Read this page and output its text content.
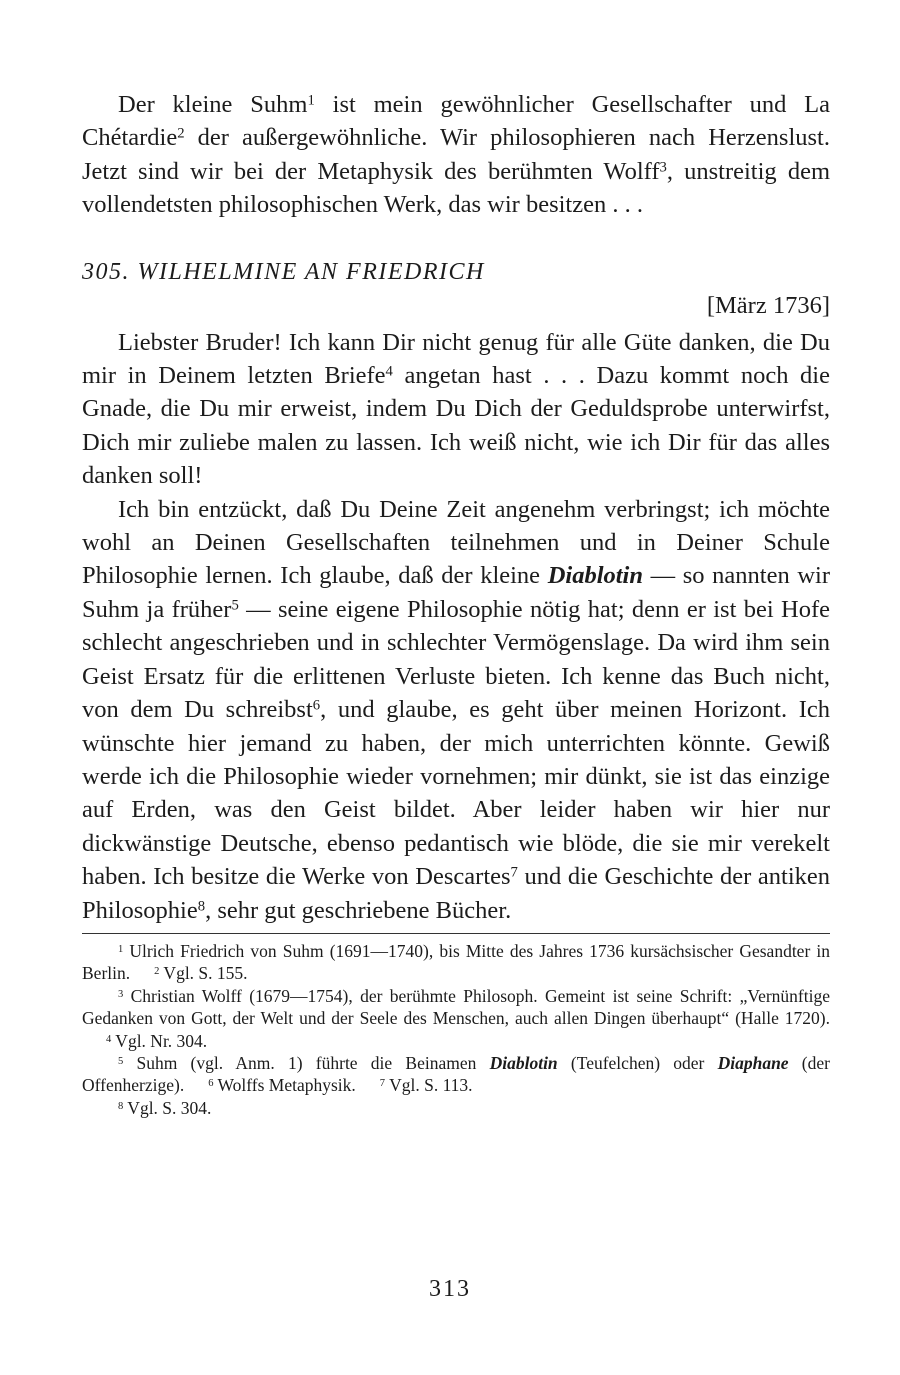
Der kleine Suhm$^1$ ist mein gewöhnlicher Gesellschafter und La Chétardie$^2$ der außergewöhnliche. Wir philosophieren nach Herzenslust. Jetzt sind wir bei der Metaphysik des berühmten Wolff$^3$, unstreitig dem vollendetsten philosophischen Werk, das wir besitzen . . .

305. WILHELMINE AN FRIEDRICH

[März 1736]

Liebster Bruder! Ich kann Dir nicht genug für alle Güte danken, die Du mir in Deinem letzten Briefe$^4$ angetan hast . . . Dazu kommt noch die Gnade, die Du mir erweist, indem Du Dich der Geduldsprobe unterwirfst, Dich mir zuliebe malen zu lassen. Ich weiß nicht, wie ich Dir für das alles danken soll!

Ich bin entzückt, daß Du Deine Zeit angenehm verbringst; ich möchte wohl an Deinen Gesellschaften teilnehmen und in Deiner Schule Philosophie lernen. Ich glaube, daß der kleine Diablotin — so nannten wir Suhm ja früher$^5$ — seine eigene Philosophie nötig hat; denn er ist bei Hofe schlecht angeschrieben und in schlechter Vermögenslage. Da wird ihm sein Geist Ersatz für die erlittenen Verluste bieten. Ich kenne das Buch nicht, von dem Du schreibst$^6$, und glaube, es geht über meinen Horizont. Ich wünschte hier jemand zu haben, der mich unterrichten könnte. Gewiß werde ich die Philosophie wieder vornehmen; mir dünkt, sie ist das einzige auf Erden, was den Geist bildet. Aber leider haben wir hier nur dickwänstige Deutsche, ebenso pedantisch wie blöde, die sie mir verekelt haben. Ich besitze die Werke von Descartes$^7$ und die Geschichte der antiken Philosophie$^8$, sehr gut geschriebene Bücher.

$^1$ Ulrich Friedrich von Suhm (1691—1740), bis Mitte des Jahres 1736 kursächsischer Gesandter in Berlin. $^2$ Vgl. S. 155.

$^3$ Christian Wolff (1679—1754), der berühmte Philosoph. Gemeint ist seine Schrift: „Vernünftige Gedanken von Gott, der Welt und der Seele des Menschen, auch allen Dingen überhaupt“ (Halle 1720).$^4$ Vgl. Nr. 304.

$^5$ Suhm (vgl. Anm. 1) führte die Beinamen Diablotin (Teufelchen) oder Diaphane (der Offenherzige). $^6$ Wolffs Metaphysik. $^7$ Vgl. S. 113.

$^8$ Vgl. S. 304.

313
